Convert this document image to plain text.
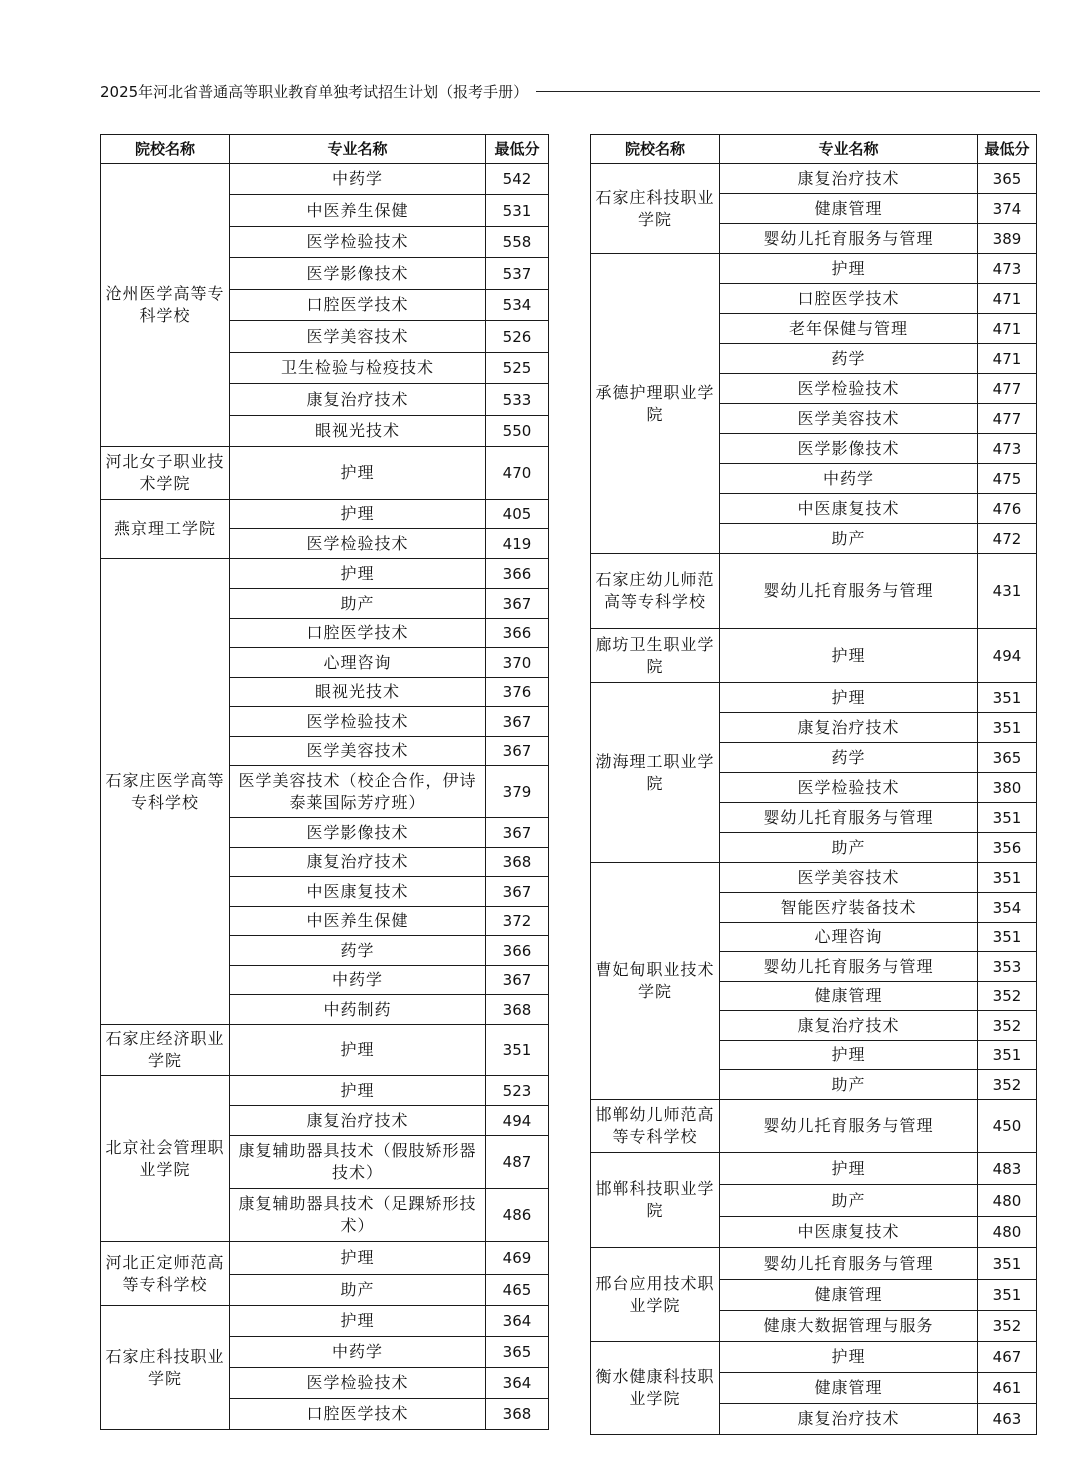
2025年河北省普通高等职业教育单独考试招生计划（报考手册）
院校名称	专业名称	最低分
沧州医学高等专科学校	中药学	542
	中医养生保健	531
	医学检验技术	558
	医学影像技术	537
	口腔医学技术	534
	医学美容技术	526
	卫生检验与检疫技术	525
	康复治疗技术	533
	眼视光技术	550
河北女子职业技术学院	护理	470
燕京理工学院	护理	405
	医学检验技术	419
石家庄医学高等专科学校	护理	366
	助产	367
	口腔医学技术	366
	心理咨询	370
	眼视光技术	376
	医学检验技术	367
	医学美容技术	367
	医学美容技术（校企合作，伊诗泰莱国际芳疗班）	379
	医学影像技术	367
	康复治疗技术	368
	中医康复技术	367
	中医养生保健	372
	药学	366
	中药学	367
	中药制药	368
石家庄经济职业学院	护理	351
北京社会管理职业学院	护理	523
	康复治疗技术	494
	康复辅助器具技术（假肢矫形器技术）	487
	康复辅助器具技术（足踝矫形技术）	486
河北正定师范高等专科学校	护理	469
	助产	465
石家庄科技职业学院	护理	364
	中药学	365
	医学检验技术	364
	口腔医学技术	368
院校名称	专业名称	最低分
石家庄科技职业学院	康复治疗技术	365
	健康管理	374
	婴幼儿托育服务与管理	389
承德护理职业学院	护理	473
	口腔医学技术	471
	老年保健与管理	471
	药学	471
	医学检验技术	477
	医学美容技术	477
	医学影像技术	473
	中药学	475
	中医康复技术	476
	助产	472
石家庄幼儿师范高等专科学校	婴幼儿托育服务与管理	431
廊坊卫生职业学院	护理	494
渤海理工职业学院	护理	351
	康复治疗技术	351
	药学	365
	医学检验技术	380
	婴幼儿托育服务与管理	351
	助产	356
曹妃甸职业技术学院	医学美容技术	351
	智能医疗装备技术	354
	心理咨询	351
	婴幼儿托育服务与管理	353
	健康管理	352
	康复治疗技术	352
	护理	351
	助产	352
邯郸幼儿师范高等专科学校	婴幼儿托育服务与管理	450
邯郸科技职业学院	护理	483
	助产	480
	中医康复技术	480
邢台应用技术职业学院	婴幼儿托育服务与管理	351
	健康管理	351
	健康大数据管理与服务	352
衡水健康科技职业学院	护理	467
	健康管理	461
	康复治疗技术	463
